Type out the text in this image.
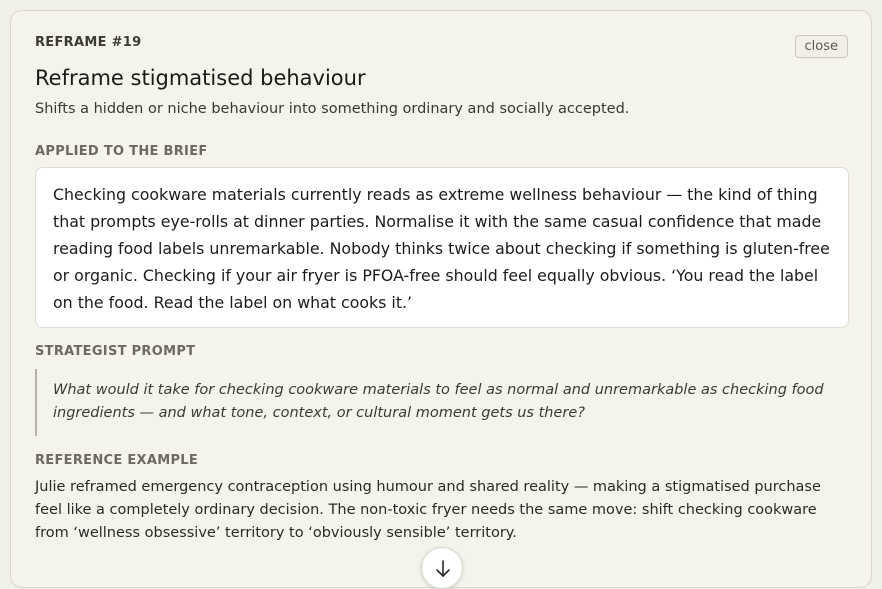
REFRAME #19	close
Reframe stigmatised behaviour
Shifts a hidden or niche behaviour into something ordinary and socially accepted.
APPLIED TO THE BRIEF
Checking cookware materials currently reads as extreme wellness behaviour — the kind of thing that prompts eye-rolls at dinner parties. Normalise it with the same casual confidence that made reading food labels unremarkable. Nobody thinks twice about checking if something is gluten-free or organic. Checking if your air fryer is PFOA-free should feel equally obvious. ‘You read the label on the food. Read the label on what cooks it.’
STRATEGIST PROMPT
What would it take for checking cookware materials to feel as normal and unremarkable as checking food ingredients — and what tone, context, or cultural moment gets us there?
REFERENCE EXAMPLE
Julie reframed emergency contraception using humour and shared reality — making a stigmatised purchase feel like a completely ordinary decision. The non-toxic fryer needs the same move: shift checking cookware from ‘wellness obsessive’ territory to ‘obviously sensible’ territory.
